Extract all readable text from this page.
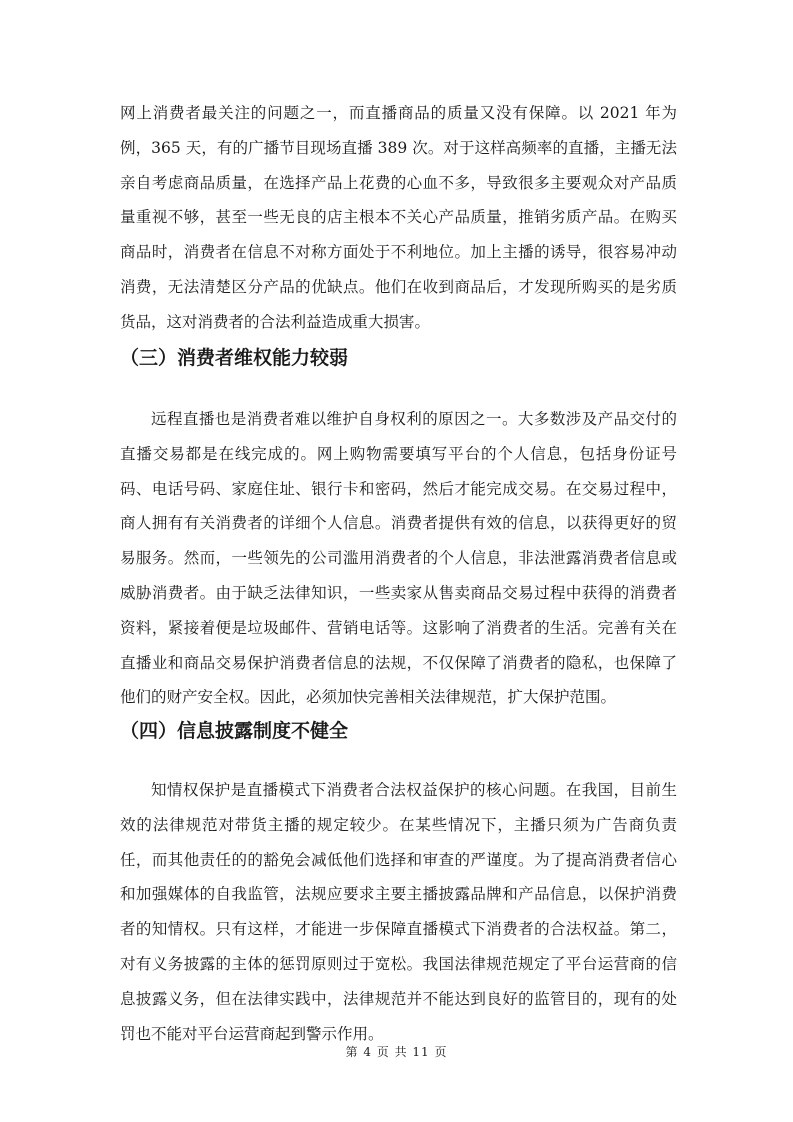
网上消费者最关注的问题之一，而直播商品的质量又没有保障。以 2021 年为例，365 天，有的广播节目现场直播 389 次。对于这样高频率的直播，主播无法亲自考虑商品质量，在选择产品上花费的心血不多，导致很多主要观众对产品质量重视不够，甚至一些无良的店主根本不关心产品质量，推销劣质产品。在购买商品时，消费者在信息不对称方面处于不利地位。加上主播的诱导，很容易冲动消费，无法清楚区分产品的优缺点。他们在收到商品后，才发现所购买的是劣质货品，这对消费者的合法利益造成重大损害。

（三）消费者维权能力较弱

远程直播也是消费者难以维护自身权利的原因之一。大多数涉及产品交付的直播交易都是在线完成的。网上购物需要填写平台的个人信息，包括身份证号码、电话号码、家庭住址、银行卡和密码，然后才能完成交易。在交易过程中，商人拥有有关消费者的详细个人信息。消费者提供有效的信息，以获得更好的贸易服务。然而，一些领先的公司滥用消费者的个人信息，非法泄露消费者信息或威胁消费者。由于缺乏法律知识，一些卖家从售卖商品交易过程中获得的消费者资料，紧接着便是垃圾邮件、营销电话等。这影响了消费者的生活。完善有关在直播业和商品交易保护消费者信息的法规，不仅保障了消费者的隐私，也保障了他们的财产安全权。因此，必须加快完善相关法律规范，扩大保护范围。

（四）信息披露制度不健全

知情权保护是直播模式下消费者合法权益保护的核心问题。在我国，目前生效的法律规范对带货主播的规定较少。在某些情况下，主播只须为广告商负责任，而其他责任的的豁免会减低他们选择和审查的严谨度。为了提高消费者信心和加强媒体的自我监管，法规应要求主要主播披露品牌和产品信息，以保护消费者的知情权。只有这样，才能进一步保障直播模式下消费者的合法权益。第二，对有义务披露的主体的惩罚原则过于宽松。我国法律规范规定了平台运营商的信息披露义务，但在法律实践中，法律规范并不能达到良好的监管目的，现有的处罚也不能对平台运营商起到警示作用。

第 4 页 共 11 页
